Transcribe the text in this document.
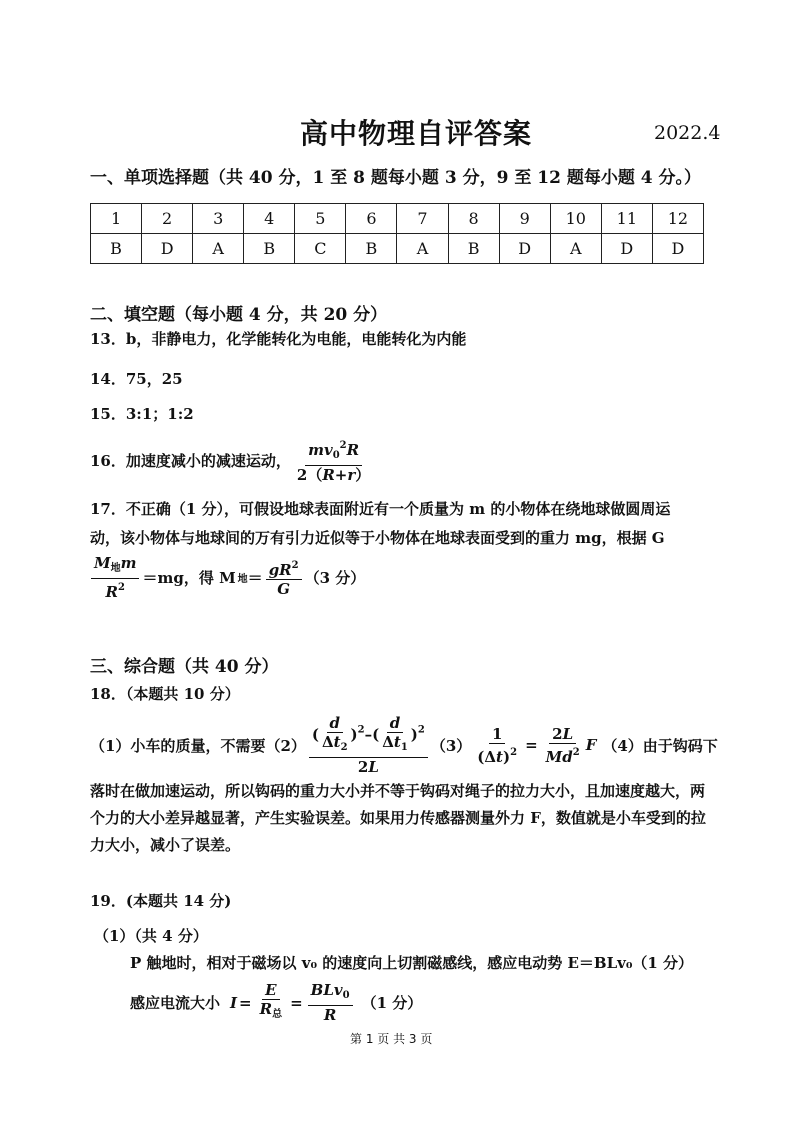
高中物理自评答案	2022.4
一、单项选择题（共 40 分，1 至 8 题每小题 3 分，9 至 12 题每小题 4 分。）
1	2	3	4	5	6	7	8	9	10	11	12
B	D	A	B	C	B	A	B	D	A	D	D
二、填空题（每小题 4 分，共 20 分）
13．b，非静电力，化学能转化为电能，电能转化为内能
14．75，25
15．3:1；1:2
16．加速度减小的减速运动， $\frac{mv_0^2R}{2(R+r)}$
17．不正确（1 分），可假设地球表面附近有一个质量为 m 的小物体在绕地球做圆周运
动，该小物体与地球间的万有引力近似等于小物体在地球表面受到的重力 mg，根据 G
$\frac{M_地m}{R^2} =mg$，得 M 地 ＝ $\frac{gR^2}{G} (3$ 分）
三、综合题（共 40 分）
18．（本题共 10 分）
（1）小车的质量，不需要$(2) \frac{( \frac{d}{\Delta t_2} )^2-( \frac{d}{\Delta t_1} )^2}{2L} (3) \frac{1}{(\Delta t)^2} = \frac{2L}{Md^2}$ F （4）由于钩码下
落时在做加速运动，所以钩码的重力大小并不等于钩码对绳子的拉力大小，且加速度越大，两个力的大小差异越显著，产生实验误差。如果用力传感器测量外力 F，数值就是小车受到的拉力大小，减小了误差。
19．(本题共 14 分)
（1）（共 4 分）
P 触地时，相对于磁场以 v₀ 的速度向上切割磁感线，感应电动势 E＝BLv₀（1 分）
感应电流大小 $I = \frac{E}{R_总} = \frac{BLv_0}{R} (1$ 分）
第 1 页 共 3 页
